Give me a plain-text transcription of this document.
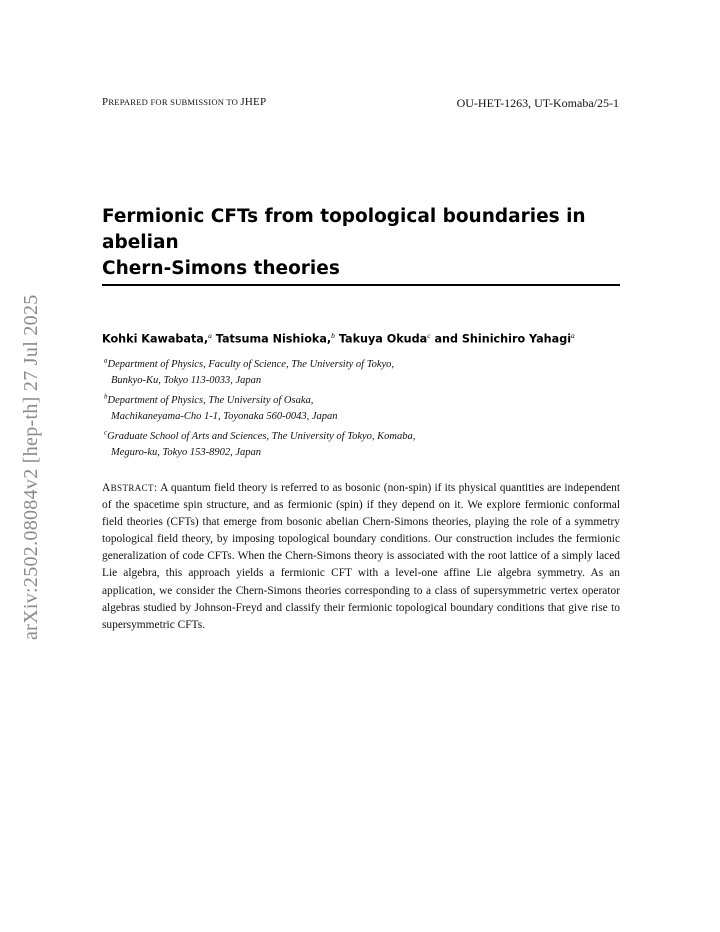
PREPARED FOR SUBMISSION TO JHEP	OU-HET-1263, UT-Komaba/25-1
arXiv:2502.08084v2 [hep-th] 27 Jul 2025
Fermionic CFTs from topological boundaries in abelian
Chern-Simons theories
Kohki Kawabata,$^a$ Tatsuma Nishioka,$^b$ Takuya Okuda$^c$ and Shinichiro Yahagi$^a$
$^a$Department of Physics, Faculty of Science, The University of Tokyo,
Bunkyo-Ku, Tokyo 113-0033, Japan
$^b$Department of Physics, The University of Osaka,
Machikaneyama-Cho 1-1, Toyonaka 560-0043, Japan
$^c$Graduate School of Arts and Sciences, The University of Tokyo, Komaba,
Meguro-ku, Tokyo 153-8902, Japan

ABSTRACT: A quantum field theory is referred to as bosonic (non-spin) if its physical quantities are independent of the spacetime spin structure, and as fermionic (spin) if they depend on it. We explore fermionic conformal field theories (CFTs) that emerge from bosonic abelian Chern-Simons theories, playing the role of a symmetry topological field theory, by imposing topological boundary conditions. Our construction includes the fermionic generalization of code CFTs. When the Chern-Simons theory is associated with the root lattice of a simply laced Lie algebra, this approach yields a fermionic CFT with a level-one affine Lie algebra symmetry. As an application, we consider the Chern-Simons theories corresponding to a class of supersymmetric vertex operator algebras studied by Johnson-Freyd and classify their fermionic topological boundary conditions that give rise to supersymmetric CFTs.
